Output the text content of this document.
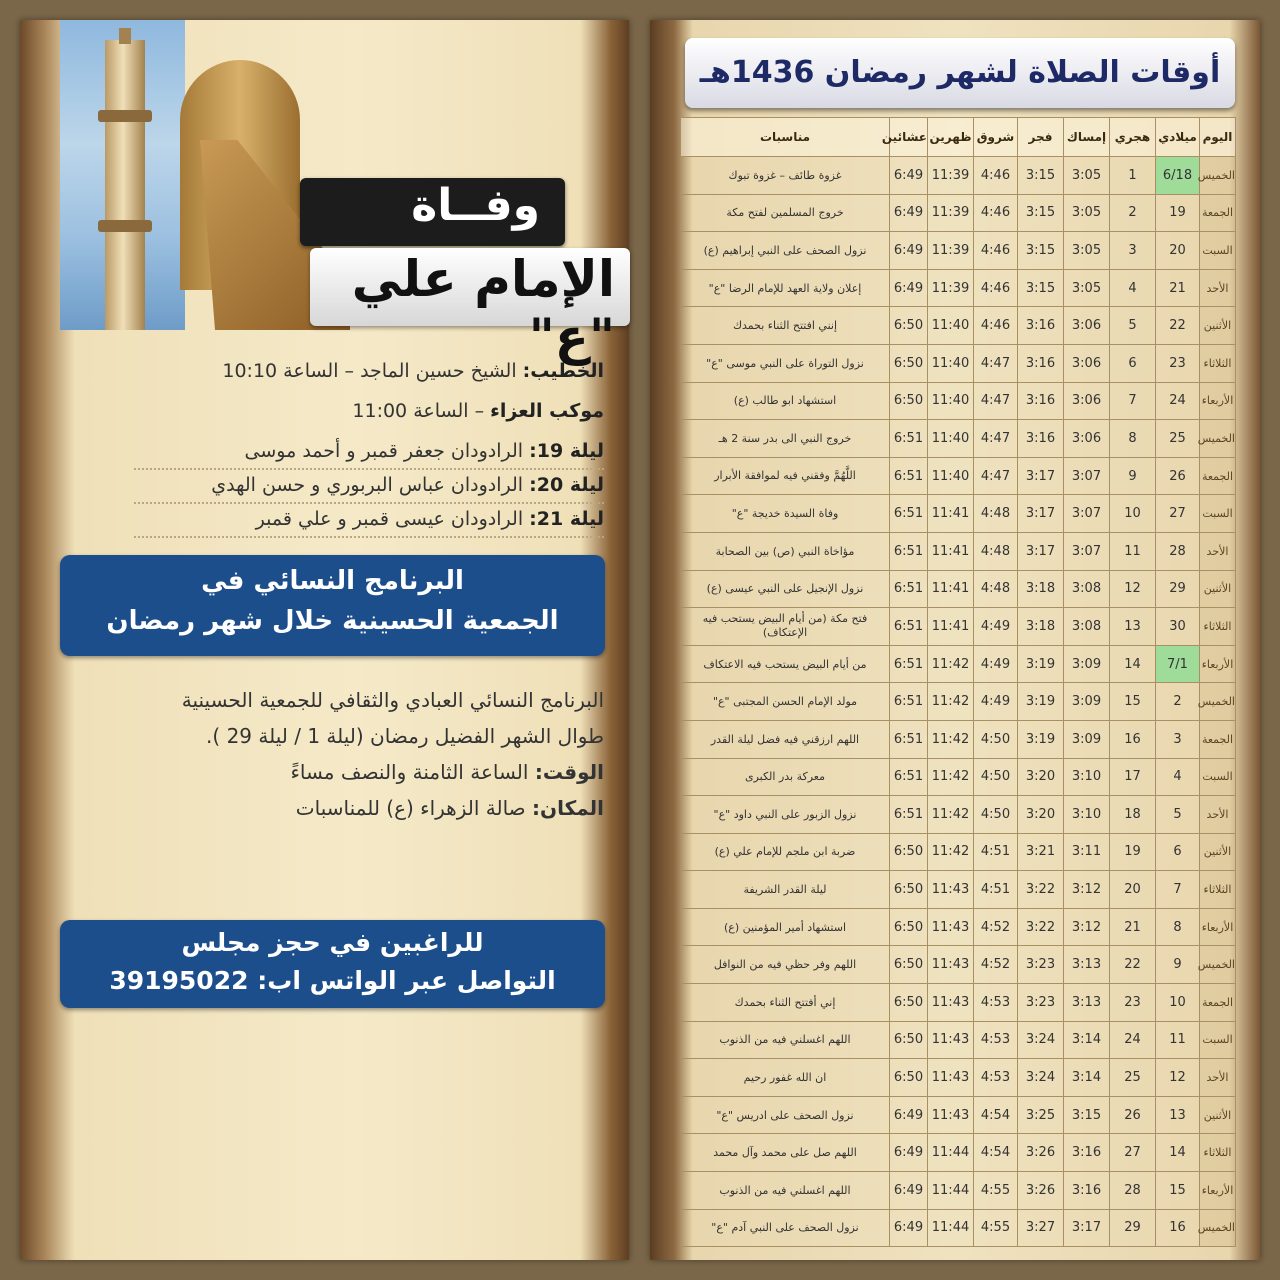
وفــاة
الإمام علي "ع"
الخطيب: الشيخ حسين الماجد – الساعة 10:10
موكب العزاء – الساعة 11:00
ليلة 19: الرادودان جعفر قمبر و أحمد موسى
ليلة 20: الرادودان عباس البربوري و حسن الهدي
ليلة 21: الرادودان عيسى قمبر و علي قمبر
البرنامج النسائي في
الجمعية الحسينية خلال شهر رمضان
البرنامج النسائي العبادي والثقافي للجمعية الحسينية
طوال الشهر الفضيل رمضان (ليلة 1 / ليلة 29 ).
الوقت: الساعة الثامنة والنصف مساءً
المكان: صالة الزهراء (ع) للمناسبات
للراغبين في حجز مجلس
التواصل عبر الواتس اب: 39195022
أوقات الصلاة لشهر رمضان 1436هـ
اليوم	ميلادي	هجري	إمساك	فجر	شروق	ظهرين	عشائين	مناسبات
الخميس	6/18	1	3:05	3:15	4:46	11:39	6:49	غزوة طائف – غزوة تبوك
الجمعة	19	2	3:05	3:15	4:46	11:39	6:49	خروج المسلمين لفتح مكة
السبت	20	3	3:05	3:15	4:46	11:39	6:49	نزول الصحف على النبي إبراهيم (ع)
الأحد	21	4	3:05	3:15	4:46	11:39	6:49	إعلان ولاية العهد للإمام الرضا "ع"
الأثنين	22	5	3:06	3:16	4:46	11:40	6:50	إنني افتتح الثناء بحمدك
الثلاثاء	23	6	3:06	3:16	4:47	11:40	6:50	نزول التوراة على النبي موسى "ع"
الأربعاء	24	7	3:06	3:16	4:47	11:40	6:50	استشهاد ابو طالب (ع)
الخميس	25	8	3:06	3:16	4:47	11:40	6:51	خروج النبي الى بدر سنة 2 هـ
الجمعة	26	9	3:07	3:17	4:47	11:40	6:51	اللَّهُمَّ وفقني فيه لموافقة الأبرار
السبت	27	10	3:07	3:17	4:48	11:41	6:51	وفاة السيدة خديجة "ع"
الأحد	28	11	3:07	3:17	4:48	11:41	6:51	مؤاخاة النبي (ص) بين الصحابة
الأثنين	29	12	3:08	3:18	4:48	11:41	6:51	نزول الإنجيل على النبي عيسى (ع)
الثلاثاء	30	13	3:08	3:18	4:49	11:41	6:51	فتح مكة (من أيام البيض يستحب فيه الإعتكاف)
الأربعاء	7/1	14	3:09	3:19	4:49	11:42	6:51	من أيام البيض يستحب فيه الاعتكاف
الخميس	2	15	3:09	3:19	4:49	11:42	6:51	مولد الإمام الحسن المجتبى "ع"
الجمعة	3	16	3:09	3:19	4:50	11:42	6:51	اللهم ارزقني فيه فضل ليلة القدر
السبت	4	17	3:10	3:20	4:50	11:42	6:51	معركة بدر الكبرى
الأحد	5	18	3:10	3:20	4:50	11:42	6:51	نزول الزبور على النبي داود "ع"
الأثنين	6	19	3:11	3:21	4:51	11:42	6:50	ضربة ابن ملجم للإمام علي (ع)
الثلاثاء	7	20	3:12	3:22	4:51	11:43	6:50	ليلة القدر الشريفة
الأربعاء	8	21	3:12	3:22	4:52	11:43	6:50	استشهاد أمير المؤمنين (ع)
الخميس	9	22	3:13	3:23	4:52	11:43	6:50	اللهم وفر حظي فيه من النوافل
الجمعة	10	23	3:13	3:23	4:53	11:43	6:50	إني أفتتح الثناء بحمدك
السبت	11	24	3:14	3:24	4:53	11:43	6:50	اللهم اغسلني فيه من الذنوب
الأحد	12	25	3:14	3:24	4:53	11:43	6:50	ان الله غفور رحيم
الأثنين	13	26	3:15	3:25	4:54	11:43	6:49	نزول الصحف على ادريس "ع"
الثلاثاء	14	27	3:16	3:26	4:54	11:44	6:49	اللهم صل على محمد وآل محمد
الأربعاء	15	28	3:16	3:26	4:55	11:44	6:49	اللهم اغسلني فيه من الذنوب
الخميس	16	29	3:17	3:27	4:55	11:44	6:49	نزول الصحف على النبي آدم "ع"
